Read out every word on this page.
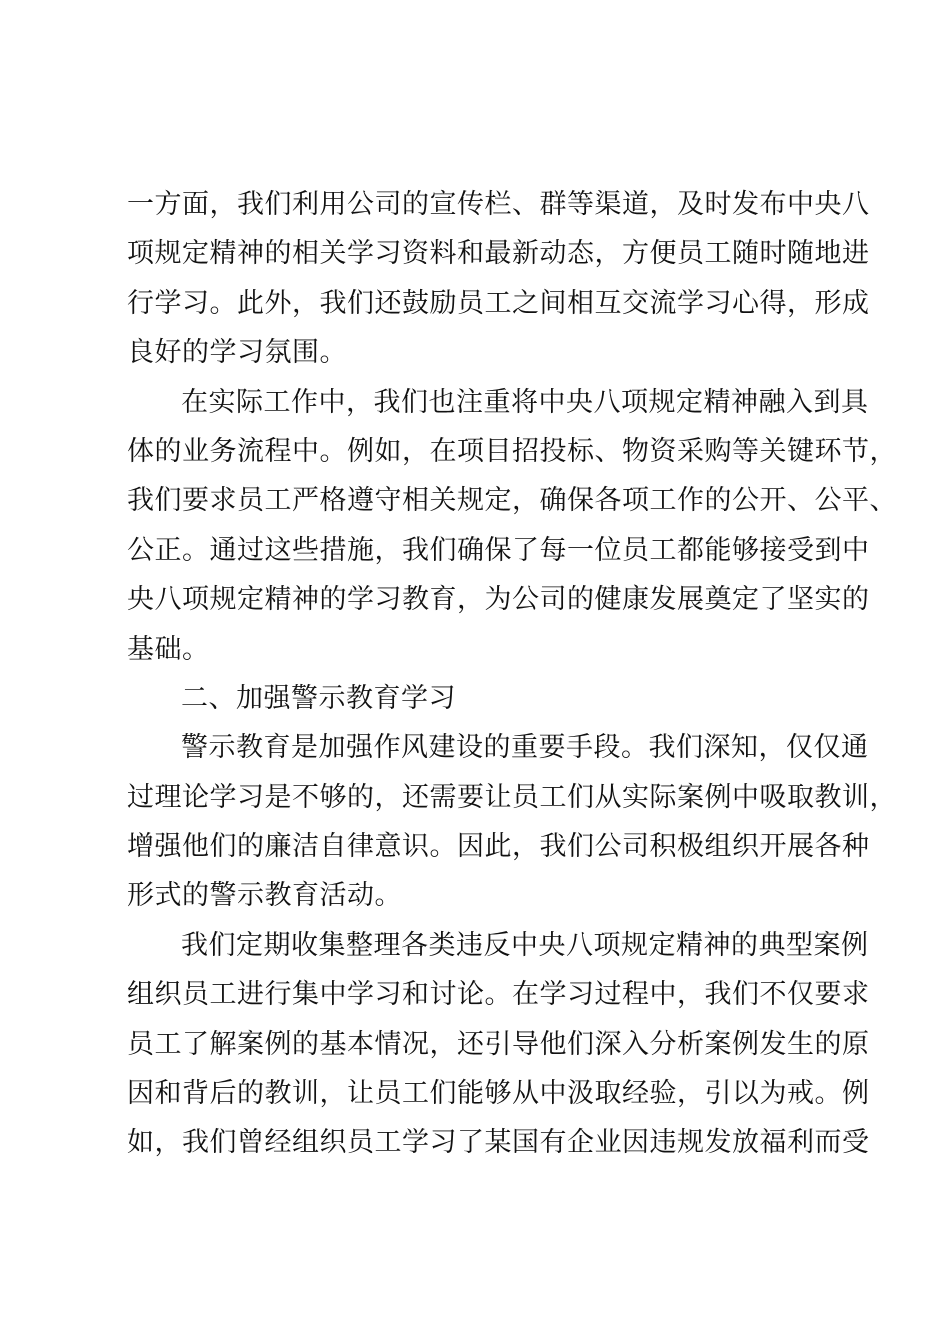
一方面，我们利用公司的宣传栏、群等渠道，及时发布中央八
项规定精神的相关学习资料和最新动态，方便员工随时随地进
行学习。此外，我们还鼓励员工之间相互交流学习心得，形成
良好的学习氛围。
在实际工作中，我们也注重将中央八项规定精神融入到具
体的业务流程中。例如，在项目招投标、物资采购等关键环节，
我们要求员工严格遵守相关规定，确保各项工作的公开、公平、
公正。通过这些措施，我们确保了每一位员工都能够接受到中
央八项规定精神的学习教育，为公司的健康发展奠定了坚实的
基础。
二、加强警示教育学习
警示教育是加强作风建设的重要手段。我们深知，仅仅通
过理论学习是不够的，还需要让员工们从实际案例中吸取教训，
增强他们的廉洁自律意识。因此，我们公司积极组织开展各种
形式的警示教育活动。
我们定期收集整理各类违反中央八项规定精神的典型案例
组织员工进行集中学习和讨论。在学习过程中，我们不仅要求
员工了解案例的基本情况，还引导他们深入分析案例发生的原
因和背后的教训，让员工们能够从中汲取经验，引以为戒。例
如，我们曾经组织员工学习了某国有企业因违规发放福利而受
